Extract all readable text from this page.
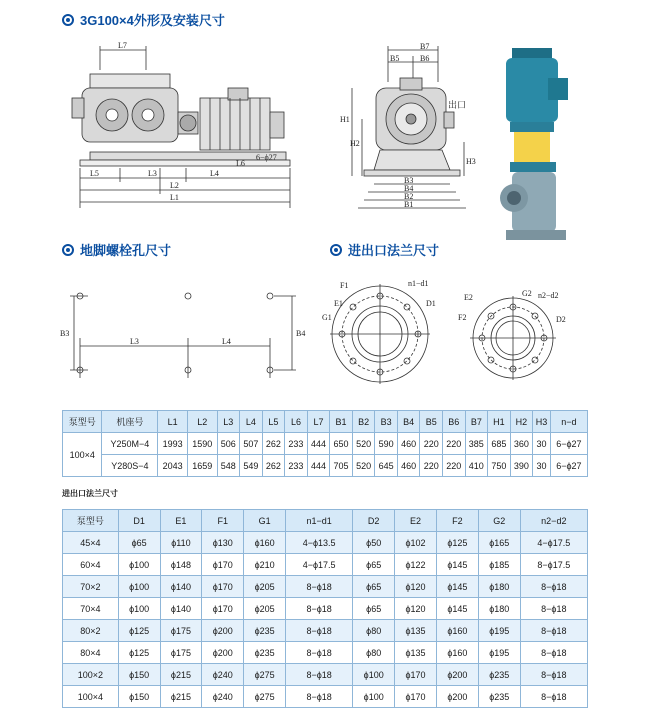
3G100×4外形及安装尺寸
L7
L5	L3	L4
L2
L1
L6
6−ϕ27
B7
B5	B6
H1
H2
H3
B3
B4
B2
B1
出口
地脚螺栓孔尺寸	进出口法兰尺寸
B3
L3	L4
B4
F1
E1
G1
n1−d1
D1
E2	G2 n2−d2
F2	D2
泵型号	机座号	L1	L2	L3	L4	L5	L6	L7	B1	B2	B3	B4	B5	B6	B7	H1	H2	H3	n−d
100×4	Y250M−4	1993	1590	506	507	262	233	444	650	520	590	460	220	220	385	685	360	30	6−ϕ27
	Y280S−4	2043	1659	548	549	262	233	444	705	520	645	460	220	220	410	750	390	30	6−ϕ27
进出口法兰尺寸
泵型号	D1	E1	F1	G1	n1−d1	D2	E2	F2	G2	n2−d2
45×4	ϕ65	ϕ110	ϕ130	ϕ160	4−ϕ13.5	ϕ50	ϕ102	ϕ125	ϕ165	4−ϕ17.5
60×4	ϕ100	ϕ148	ϕ170	ϕ210	4−ϕ17.5	ϕ65	ϕ122	ϕ145	ϕ185	8−ϕ17.5
70×2	ϕ100	ϕ140	ϕ170	ϕ205	8−ϕ18	ϕ65	ϕ120	ϕ145	ϕ180	8−ϕ18
70×4	ϕ100	ϕ140	ϕ170	ϕ205	8−ϕ18	ϕ65	ϕ120	ϕ145	ϕ180	8−ϕ18
80×2	ϕ125	ϕ175	ϕ200	ϕ235	8−ϕ18	ϕ80	ϕ135	ϕ160	ϕ195	8−ϕ18
80×4	ϕ125	ϕ175	ϕ200	ϕ235	8−ϕ18	ϕ80	ϕ135	ϕ160	ϕ195	8−ϕ18
100×2	ϕ150	ϕ215	ϕ240	ϕ275	8−ϕ18	ϕ100	ϕ170	ϕ200	ϕ235	8−ϕ18
100×4	ϕ150	ϕ215	ϕ240	ϕ275	8−ϕ18	ϕ100	ϕ170	ϕ200	ϕ235	8−ϕ18
